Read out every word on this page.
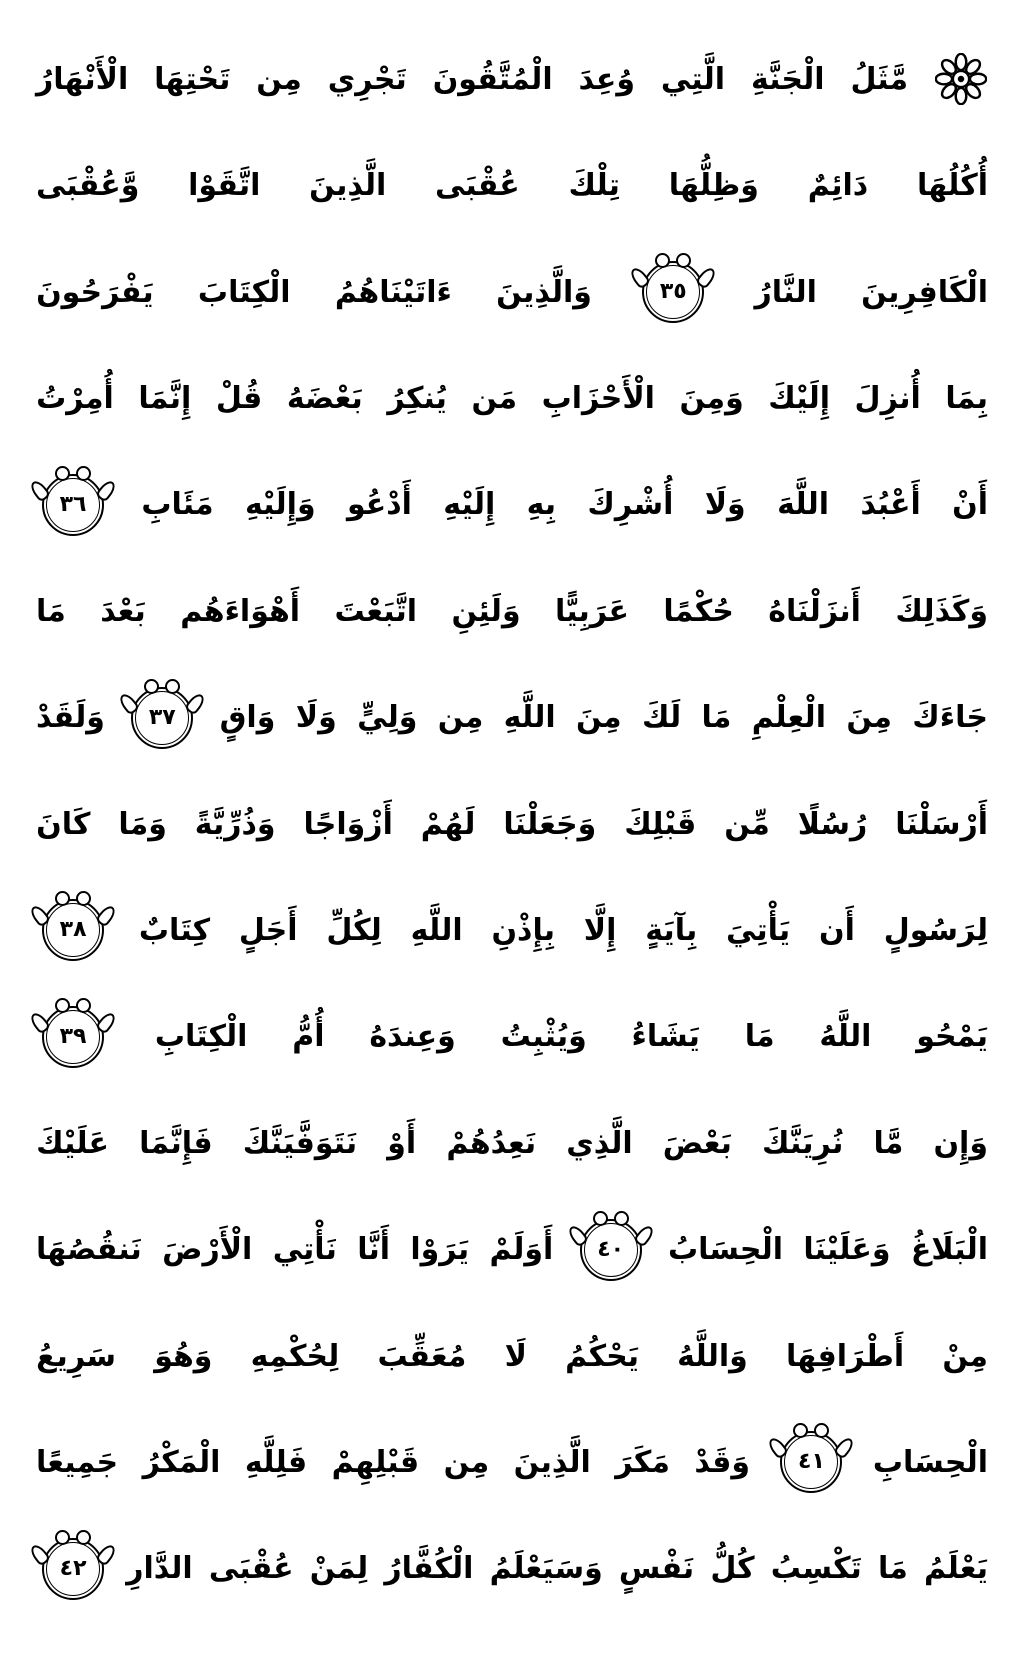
مَّثَلُ
الْجَنَّةِ
الَّتِي
وُعِدَ
الْمُتَّقُونَ
تَجْرِي
مِن
تَحْتِهَا
الْأَنْهَارُ
أُكُلُهَا
دَائِمٌ
وَظِلُّهَا
تِلْكَ
عُقْبَى
الَّذِينَ
اتَّقَوْا
وَّعُقْبَى
الْكَافِرِينَ
النَّارُ
٣٥
وَالَّذِينَ
ءَاتَيْنَاهُمُ
الْكِتَابَ
يَفْرَحُونَ
بِمَا
أُنزِلَ
إِلَيْكَ
وَمِنَ
الْأَحْزَابِ
مَن
يُنكِرُ
بَعْضَهُ
قُلْ
إِنَّمَا
أُمِرْتُ
أَنْ
أَعْبُدَ
اللَّهَ
وَلَا
أُشْرِكَ
بِهِ
إِلَيْهِ
أَدْعُو
وَإِلَيْهِ
مَئَابِ
٣٦
وَكَذَلِكَ
أَنزَلْنَاهُ
حُكْمًا
عَرَبِيًّا
وَلَئِنِ
اتَّبَعْتَ
أَهْوَاءَهُم
بَعْدَ
مَا
جَاءَكَ
مِنَ
الْعِلْمِ
مَا
لَكَ
مِنَ
اللَّهِ
مِن
وَلِيٍّ
وَلَا
وَاقٍ
٣٧
وَلَقَدْ
أَرْسَلْنَا
رُسُلًا
مِّن
قَبْلِكَ
وَجَعَلْنَا
لَهُمْ
أَزْوَاجًا
وَذُرِّيَّةً
وَمَا
كَانَ
لِرَسُولٍ
أَن
يَأْتِيَ
بِآيَةٍ
إِلَّا
بِإِذْنِ
اللَّهِ
لِكُلِّ
أَجَلٍ
كِتَابٌ
٣٨
يَمْحُو
اللَّهُ
مَا
يَشَاءُ
وَيُثْبِتُ
وَعِندَهُ
أُمُّ
الْكِتَابِ
٣٩
وَإِن
مَّا
نُرِيَنَّكَ
بَعْضَ
الَّذِي
نَعِدُهُمْ
أَوْ
نَتَوَفَّيَنَّكَ
فَإِنَّمَا
عَلَيْكَ
الْبَلَاغُ
وَعَلَيْنَا
الْحِسَابُ
٤٠
أَوَلَمْ
يَرَوْا
أَنَّا
نَأْتِي
الْأَرْضَ
نَنقُصُهَا
مِنْ
أَطْرَافِهَا
وَاللَّهُ
يَحْكُمُ
لَا
مُعَقِّبَ
لِحُكْمِهِ
وَهُوَ
سَرِيعُ
الْحِسَابِ
٤١
وَقَدْ
مَكَرَ
الَّذِينَ
مِن
قَبْلِهِمْ
فَلِلَّهِ
الْمَكْرُ
جَمِيعًا
يَعْلَمُ
مَا
تَكْسِبُ
كُلُّ
نَفْسٍ
وَسَيَعْلَمُ
الْكُفَّارُ
لِمَنْ
عُقْبَى
الدَّارِ
٤٢
